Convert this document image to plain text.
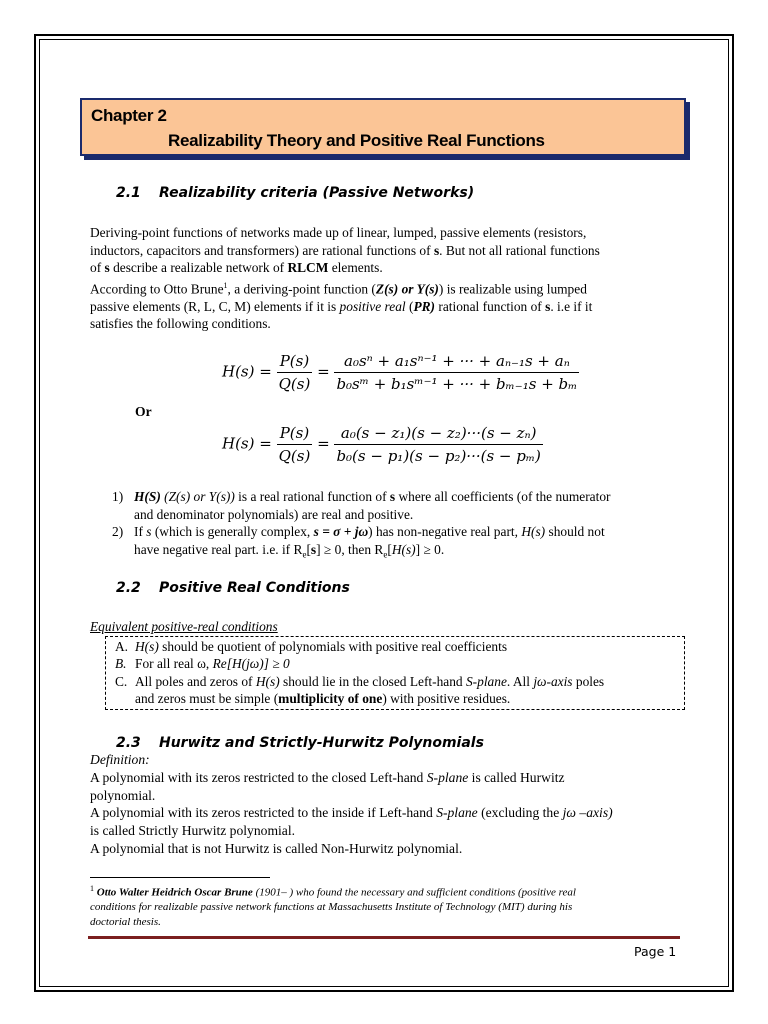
Chapter 2
Realizability Theory and Positive Real Functions
2.1 Realizability criteria (Passive Networks)
Deriving-point functions of networks made up of linear, lumped, passive elements (resistors,
inductors, capacitors and transformers) are rational functions of s. But not all rational functions
of s describe a realizable network of RLCM elements.
According to Otto Brune$^1$, a deriving-point function (Z(s) or Y(s)) is realizable using lumped
passive elements (R, L, C, M) elements if it is positive real (PR) rational function of s. i.e if it
satisfies the following conditions.
$H(s) = \frac{P(s)}{Q(s)} = \frac{\text{a₀sⁿ + a₁sⁿ⁻¹ + ··· + aₙ₋₁s + aₙ}}{\text{b₀sᵐ + b₁sᵐ⁻¹ + ··· + bₘ₋₁s + bₘ}}$
Or
$H(s) = \frac{P(s)}{Q(s)} = \frac{\text{a₀(s − z₁)(s − z₂)···(s − zₙ)}}{\text{b₀(s − p₁)(s − p₂)···(s − pₘ)}}$
1) H(S) (Z(s) or Y(s)) is a real rational function of s where all coefficients (of the numerator
and denominator polynomials) are real and positive.
2) If s (which is generally complex, s = σ + jω) has non-negative real part, H(s) should not
have negative real part. i.e. if $R_e[s] \ge 0$, then $R_e[H(s)] \ge 0$.
2.2 Positive Real Conditions
Equivalent positive-real conditions
A. H(s) should be quotient of polynomials with positive real coefficients
B. For all real ω, Re[H(jω)] ≥ 0
C. All poles and zeros of H(s) should lie in the closed Left-hand S-plane. All jω-axis poles
and zeros must be simple (multiplicity of one) with positive residues.
2.3 Hurwitz and Strictly-Hurwitz Polynomials
Definition:
A polynomial with its zeros restricted to the closed Left-hand S-plane is called Hurwitz
polynomial.
A polynomial with its zeros restricted to the inside if Left-hand S-plane (excluding the jω –axis)
is called Strictly Hurwitz polynomial.
A polynomial that is not Hurwitz is called Non-Hurwitz polynomial.
$^1$ Otto Walter Heidrich Oscar Brune (1901– ) who found the necessary and sufficient conditions (positive real
conditions for realizable passive network functions at Massachusetts Institute of Technology (MIT) during his
doctorial thesis.
Page 1
